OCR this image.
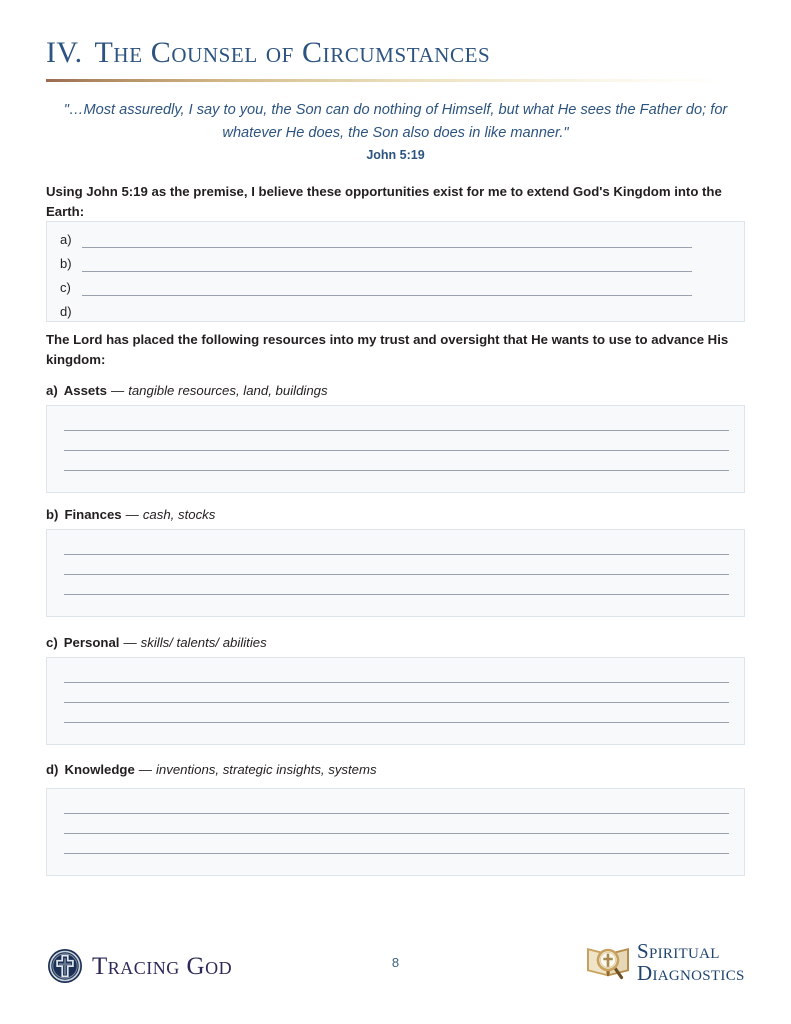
IV. The Counsel of Circumstances
"…Most assuredly, I say to you, the Son can do nothing of Himself, but what He sees the Father do; for whatever He does, the Son also does in like manner."
John 5:19
Using John 5:19 as the premise, I believe these opportunities exist for me to extend God's Kingdom into the Earth:
a)
b)
c)
d)
The Lord has placed the following resources into my trust and oversight that He wants to use to advance His kingdom:
a) Assets — tangible resources, land, buildings
b) Finances — cash, stocks
c) Personal — skills/ talents/ abilities
d) Knowledge — inventions, strategic insights, systems
Tracing God	8	Spiritual
Diagnostics
